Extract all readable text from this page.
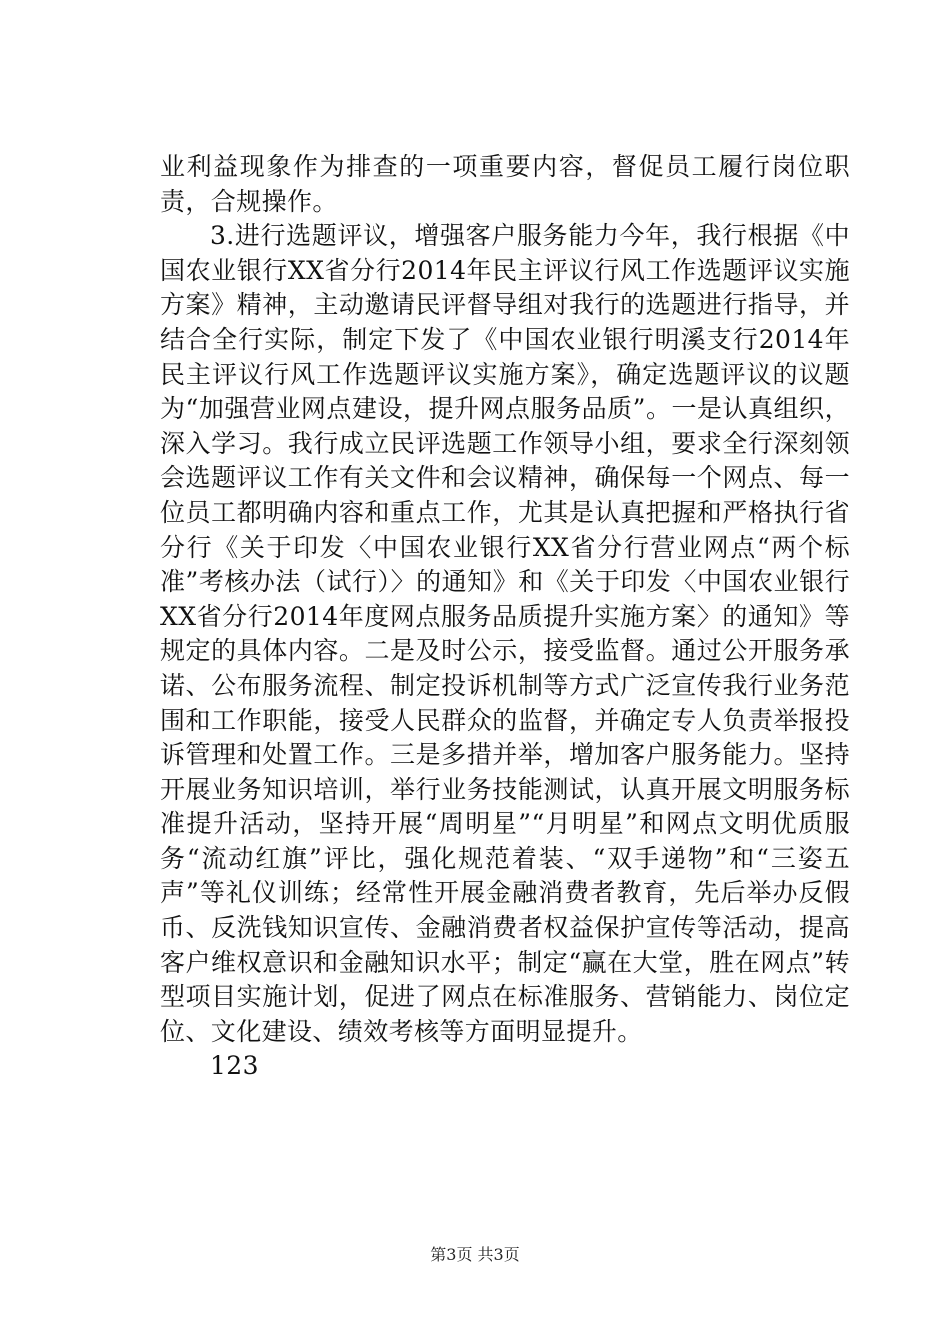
业利益现象作为排查的一项重要内容，督促员工履行岗位职责，合规操作。

3.进行选题评议，增强客户服务能力今年，我行根据《中国农业银行XX省分行2014年民主评议行风工作选题评议实施方案》精神，主动邀请民评督导组对我行的选题进行指导，并结合全行实际，制定下发了《中国农业银行明溪支行2014年民主评议行风工作选题评议实施方案》，确定选题评议的议题为“加强营业网点建设，提升网点服务品质”。一是认真组织，深入学习。我行成立民评选题工作领导小组，要求全行深刻领会选题评议工作有关文件和会议精神，确保每一个网点、每一位员工都明确内容和重点工作，尤其是认真把握和严格执行省分行《关于印发〈中国农业银行XX省分行营业网点“两个标准”考核办法（试行）〉的通知》和《关于印发〈中国农业银行XX省分行2014年度网点服务品质提升实施方案〉的通知》等规定的具体内容。二是及时公示，接受监督。通过公开服务承诺、公布服务流程、制定投诉机制等方式广泛宣传我行业务范围和工作职能，接受人民群众的监督，并确定专人负责举报投诉管理和处置工作。三是多措并举，增加客户服务能力。坚持开展业务知识培训，举行业务技能测试，认真开展文明服务标准提升活动，坚持开展“周明星”“月明星”和网点文明优质服务“流动红旗”评比，强化规范着装、“双手递物”和“三姿五声”等礼仪训练；经常性开展金融消费者教育，先后举办反假币、反洗钱知识宣传、金融消费者权益保护宣传等活动，提高客户维权意识和金融知识水平；制定“赢在大堂，胜在网点”转型项目实施计划，促进了网点在标准服务、营销能力、岗位定位、文化建设、绩效考核等方面明显提升。

123

第3页 共3页
